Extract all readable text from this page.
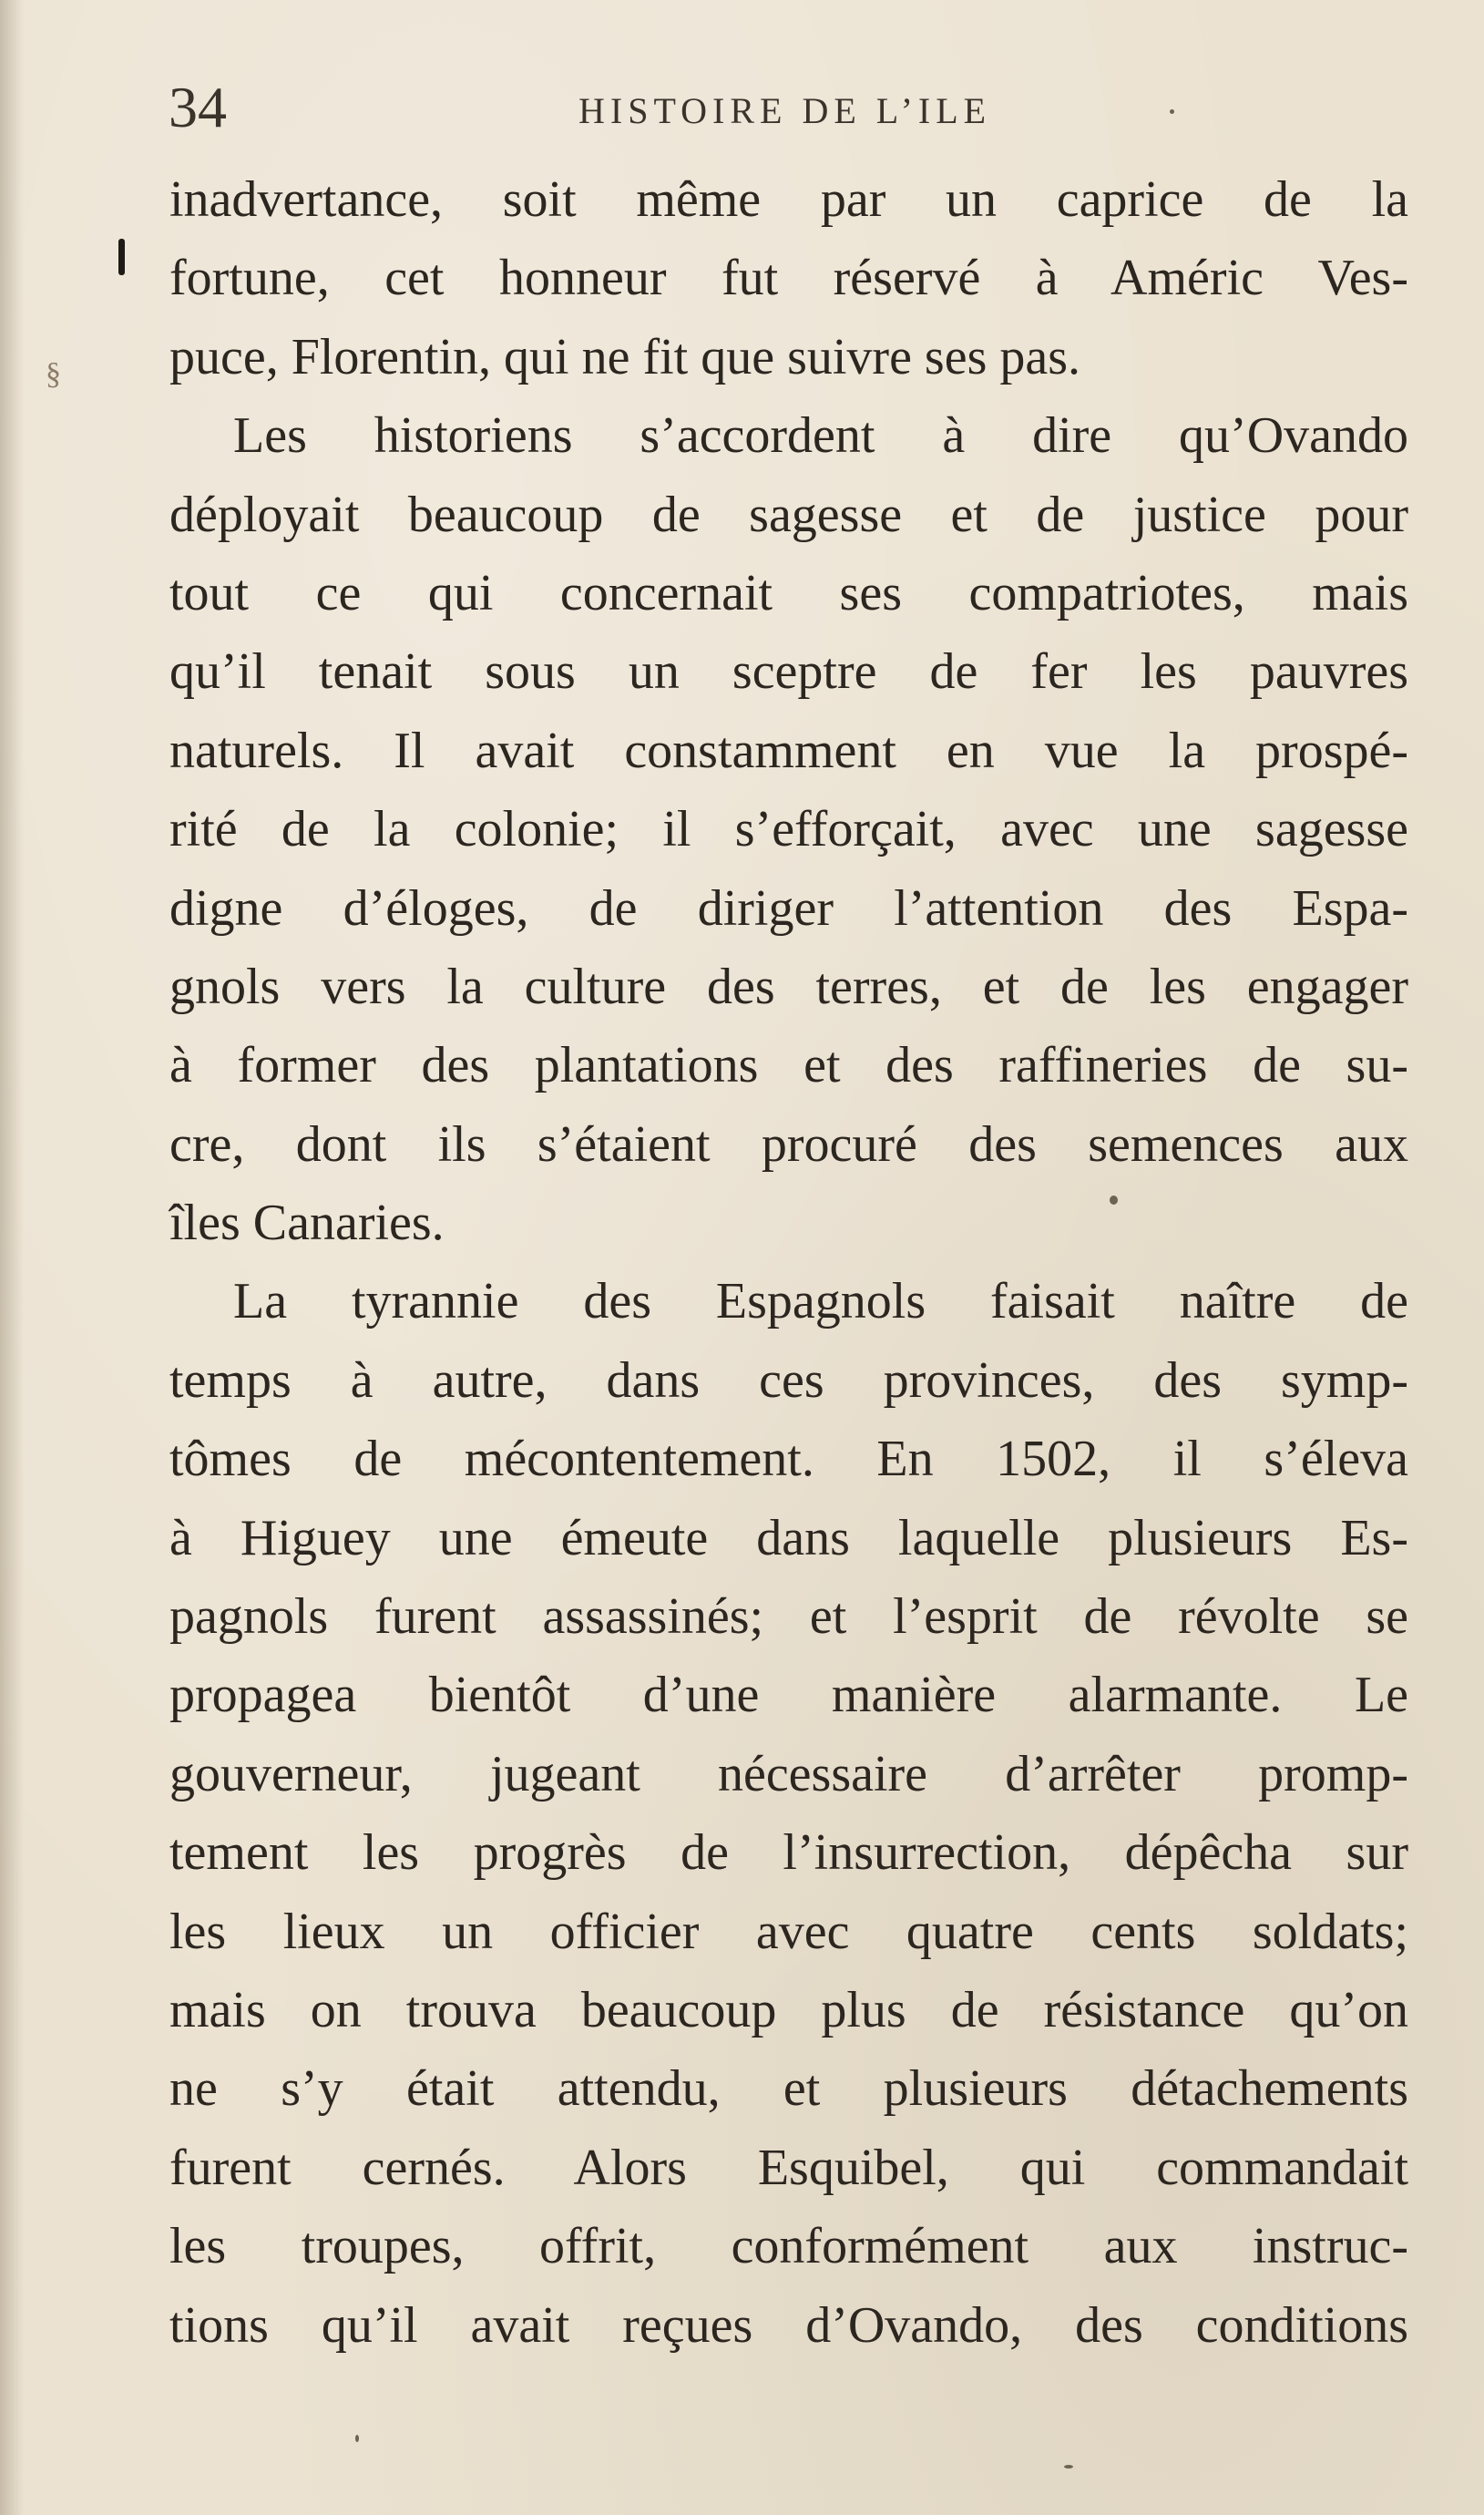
34	HISTOIRE DE L’ILE
§
inadvertance, soit même par un caprice de la
fortune, cet honneur fut réservé à Améric Ves-
puce, Florentin, qui ne fit que suivre ses pas.
Les historiens s’accordent à dire qu’Ovando
déployait beaucoup de sagesse et de justice pour
tout ce qui concernait ses compatriotes, mais
qu’il tenait sous un sceptre de fer les pauvres
naturels. Il avait constamment en vue la prospé-
rité de la colonie; il s’efforçait, avec une sagesse
digne d’éloges, de diriger l’attention des Espa-
gnols vers la culture des terres, et de les engager
à former des plantations et des raffineries de su-
cre, dont ils s’étaient procuré des semences aux
îles Canaries.
La tyrannie des Espagnols faisait naître de
temps à autre, dans ces provinces, des symp-
tômes de mécontentement. En 1502, il s’éleva
à Higuey une émeute dans laquelle plusieurs Es-
pagnols furent assassinés; et l’esprit de révolte se
propagea bientôt d’une manière alarmante. Le
gouverneur, jugeant nécessaire d’arrêter promp-
tement les progrès de l’insurrection, dépêcha sur
les lieux un officier avec quatre cents soldats;
mais on trouva beaucoup plus de résistance qu’on
ne s’y était attendu, et plusieurs détachements
furent cernés. Alors Esquibel, qui commandait
les troupes, offrit, conformément aux instruc-
tions qu’il avait reçues d’Ovando, des conditions
